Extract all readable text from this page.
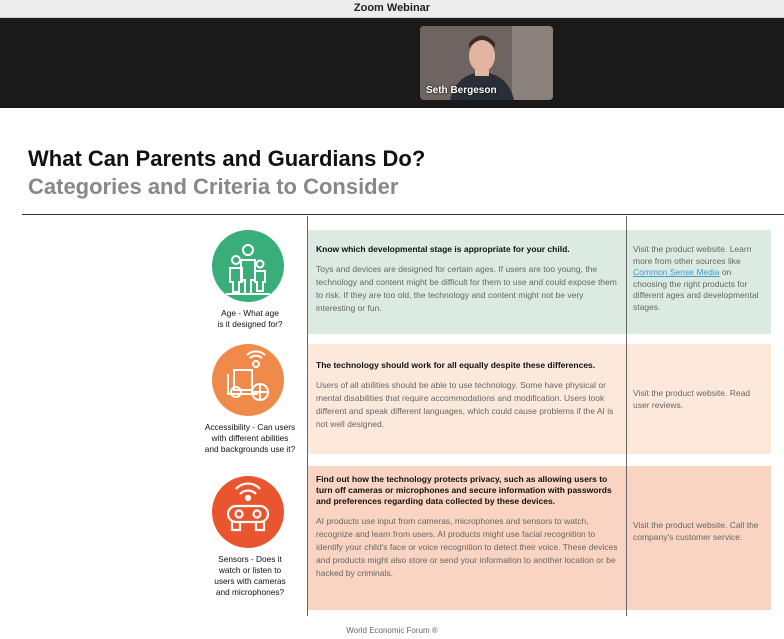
Zoom Webinar
Seth Bergeson
What Can Parents and Guardians Do?
Categories and Criteria to Consider
Age - What age
is it designed for?
Know which developmental stage is appropriate for your child.
Toys and devices are designed for certain ages. If users are too young, the technology and content might be difficult for them to use and could expose them to risk. If they are too old, the technology and content might not be very interesting or fun.
Visit the product website. Learn more from other sources like Common Sense Media on choosing the right products for different ages and developmental stages.
Accessibility - Can users
with different abilities
and backgrounds use it?
The technology should work for all equally despite these differences.
Users of all abilities should be able to use technology. Some have physical or mental disabilities that require accommodations and modification. Users look different and speak different languages, which could cause problems if the AI is not well designed.
Visit the product website. Read user reviews.
Sensors - Does it
watch or listen to
users with cameras
and microphones?
Find out how the technology protects privacy, such as allowing users to turn off cameras or microphones and secure information with passwords and preferences regarding data collected by these devices.
AI products use input from cameras, microphones and sensors to watch, recognize and learn from users. AI products might use facial recognition to identify your child's face or voice recognition to detect their voice. These devices and products might also store or send your information to another location or be hacked by criminals.
Visit the product website. Call the company's customer service.
World Economic Forum ®
